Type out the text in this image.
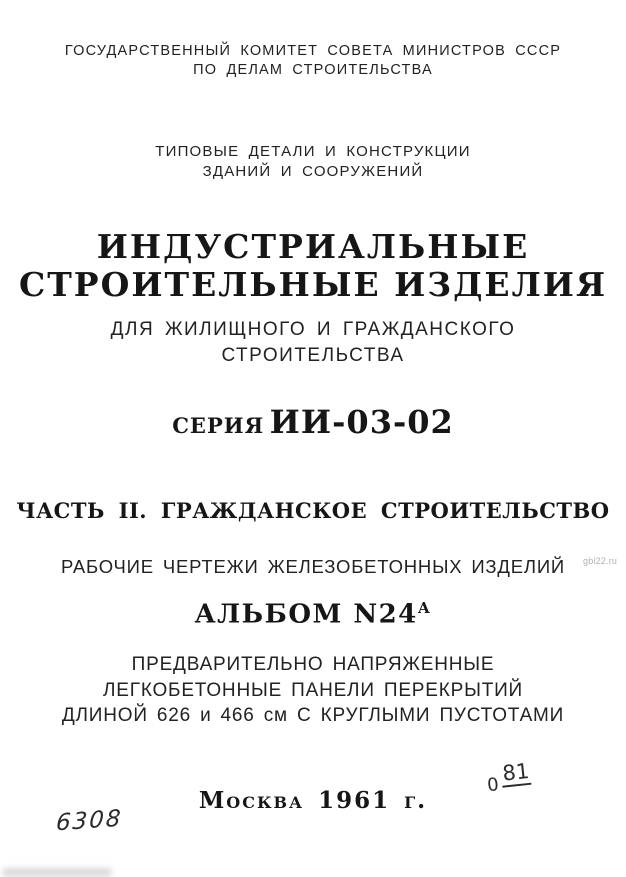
ГОСУДАРСТВЕННЫЙ КОМИТЕТ СОВЕТА МИНИСТРОВ СССР
ПО ДЕЛАМ СТРОИТЕЛЬСТВА
ТИПОВЫЕ ДЕТАЛИ И КОНСТРУКЦИИ
ЗДАНИЙ И СООРУЖЕНИЙ
ИНДУСТРИАЛЬНЫЕ
СТРОИТЕЛЬНЫЕ ИЗДЕЛИЯ
ДЛЯ ЖИЛИЩНОГО И ГРАЖДАНСКОГО
СТРОИТЕЛЬСТВА
СЕРИЯ ИИ-03-02
ЧАСТЬ II. ГРАЖДАНСКОЕ СТРОИТЕЛЬСТВО
РАБОЧИЕ ЧЕРТЕЖИ ЖЕЛЕЗОБЕТОННЫХ ИЗДЕЛИЙ
АЛЬБОМ $N24^А$
ПРЕДВАРИТЕЛЬНО НАПРЯЖЕННЫЕ
ЛЕГКОБЕТОННЫЕ ПАНЕЛИ ПЕРЕКРЫТИЙ
ДЛИНОЙ 626 и 466 см С КРУГЛЫМИ ПУСТОТАМИ
Москва 1961 г.
6308
081
gbi22.ru
